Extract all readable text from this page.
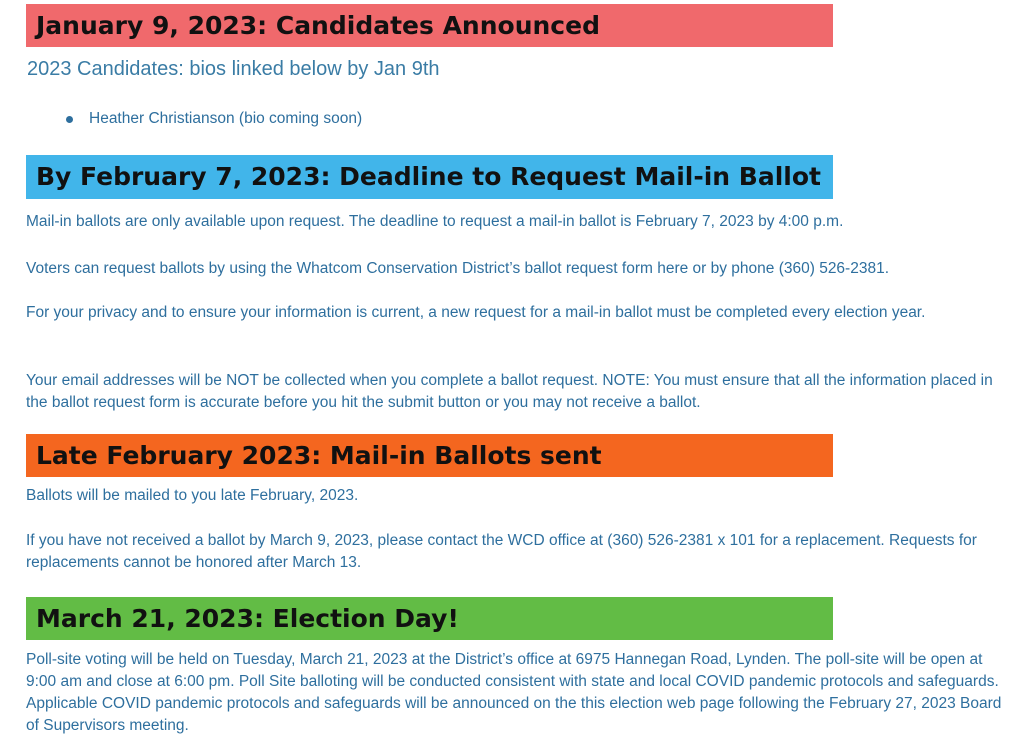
January 9, 2023: Candidates Announced
2023 Candidates: bios linked below by Jan 9th
Heather Christianson (bio coming soon)
By February 7, 2023: Deadline to Request Mail-in Ballot

Mail-in ballots are only available upon request. The deadline to request a mail-in ballot is February 7, 2023 by 4:00 p.m.

Voters can request ballots by using the Whatcom Conservation District’s ballot request form here or by phone (360) 526-2381.

For your privacy and to ensure your information is current, a new request for a mail-in ballot must be completed every election year.

Your email addresses will be NOT be collected when you complete a ballot request. NOTE: You must ensure that all the information placed in the ballot request form is accurate before you hit the submit button or you may not receive a ballot.

Late February 2023: Mail-in Ballots sent

Ballots will be mailed to you late February, 2023.

If you have not received a ballot by March 9, 2023, please contact the WCD office at (360) 526-2381 x 101 for a replacement. Requests for replacements cannot be honored after March 13.

March 21, 2023: Election Day!

Poll-site voting will be held on Tuesday, March 21, 2023 at the District’s office at 6975 Hannegan Road, Lynden. The poll-site will be open at 9:00 am and close at 6:00 pm. Poll Site balloting will be conducted consistent with state and local COVID pandemic protocols and safeguards. Applicable COVID pandemic protocols and safeguards will be announced on the this election web page following the February 27, 2023 Board of Supervisors meeting.
